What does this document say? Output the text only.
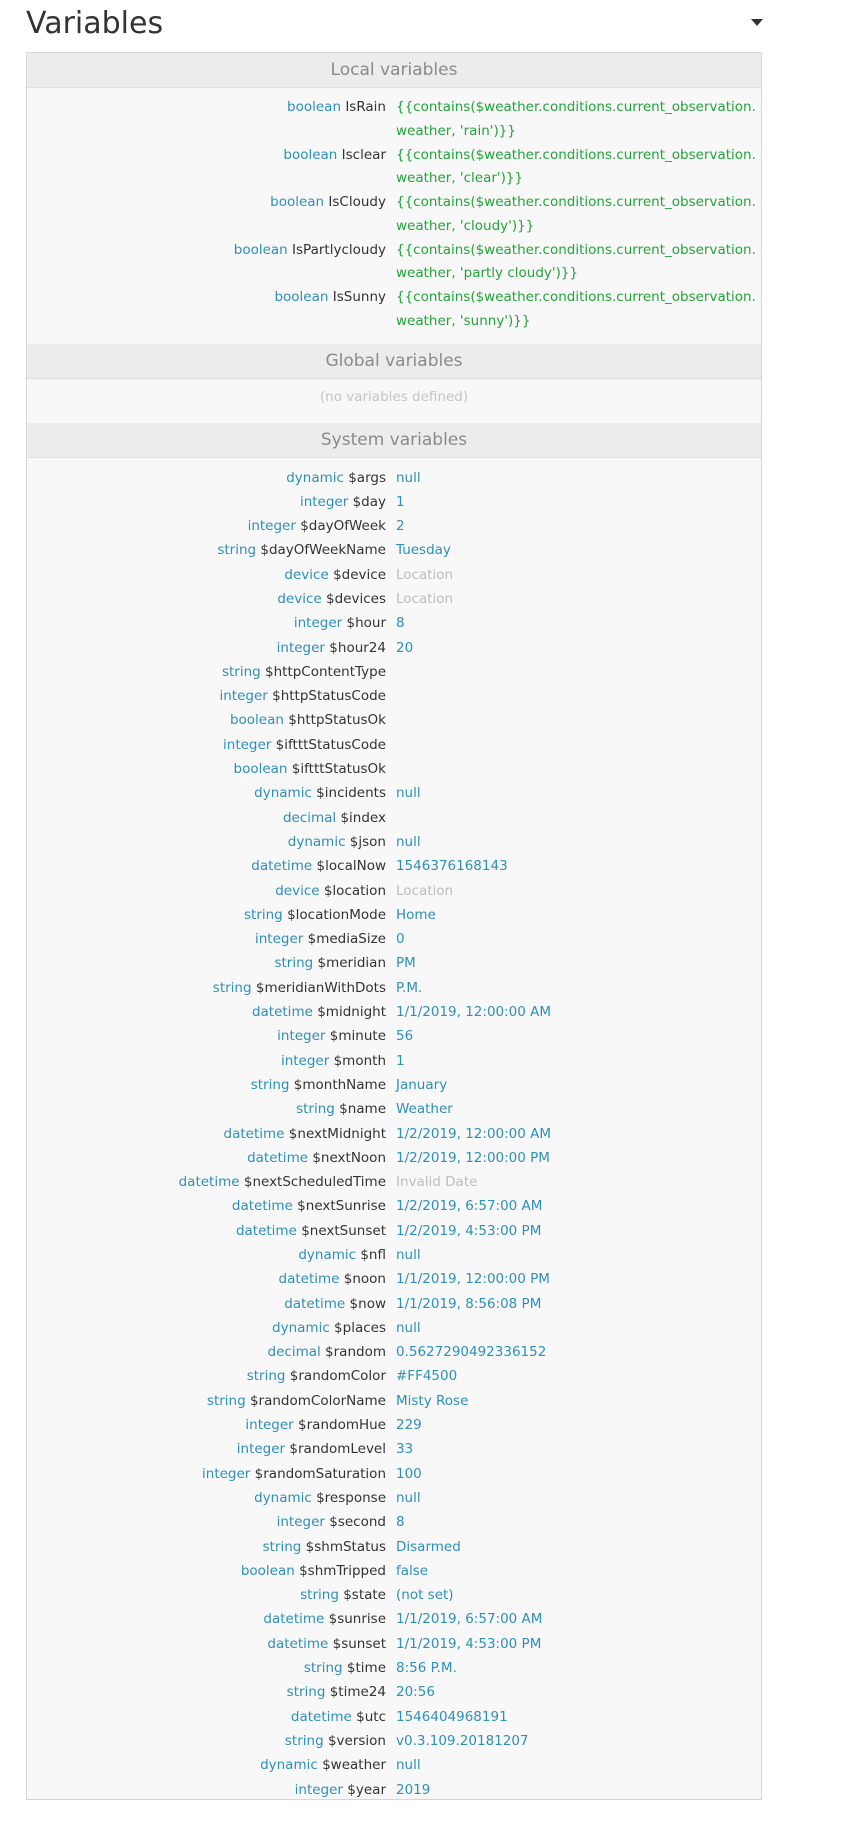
Variables
Local variables
boolean IsRain {{contains($weather.conditions.current_observation.weather, 'rain')}}
boolean Isclear {{contains($weather.conditions.current_observation.weather, 'clear')}}
boolean IsCloudy {{contains($weather.conditions.current_observation.weather, 'cloudy')}}
boolean IsPartlycloudy {{contains($weather.conditions.current_observation.weather, 'partly cloudy')}}
boolean IsSunny {{contains($weather.conditions.current_observation.weather, 'sunny')}}
Global variables
(no variables defined)
System variables
dynamic $args null
integer $day 1
integer $dayOfWeek 2
string $dayOfWeekName Tuesday
device $device Location
device $devices Location
integer $hour 8
integer $hour24 20
string $httpContentType
integer $httpStatusCode
boolean $httpStatusOk
integer $iftttStatusCode
boolean $iftttStatusOk
dynamic $incidents null
decimal $index
dynamic $json null
datetime $localNow 1546376168143
device $location Location
string $locationMode Home
integer $mediaSize 0
string $meridian PM
string $meridianWithDots P.M.
datetime $midnight 1/1/2019, 12:00:00 AM
integer $minute 56
integer $month 1
string $monthName January
string $name Weather
datetime $nextMidnight 1/2/2019, 12:00:00 AM
datetime $nextNoon 1/2/2019, 12:00:00 PM
datetime $nextScheduledTime Invalid Date
datetime $nextSunrise 1/2/2019, 6:57:00 AM
datetime $nextSunset 1/2/2019, 4:53:00 PM
dynamic $nfl null
datetime $noon 1/1/2019, 12:00:00 PM
datetime $now 1/1/2019, 8:56:08 PM
dynamic $places null
decimal $random 0.5627290492336152
string $randomColor #FF4500
string $randomColorName Misty Rose
integer $randomHue 229
integer $randomLevel 33
integer $randomSaturation 100
dynamic $response null
integer $second 8
string $shmStatus Disarmed
boolean $shmTripped false
string $state (not set)
datetime $sunrise 1/1/2019, 6:57:00 AM
datetime $sunset 1/1/2019, 4:53:00 PM
string $time 8:56 P.M.
string $time24 20:56
datetime $utc 1546404968191
string $version v0.3.109.20181207
dynamic $weather null
integer $year 2019
